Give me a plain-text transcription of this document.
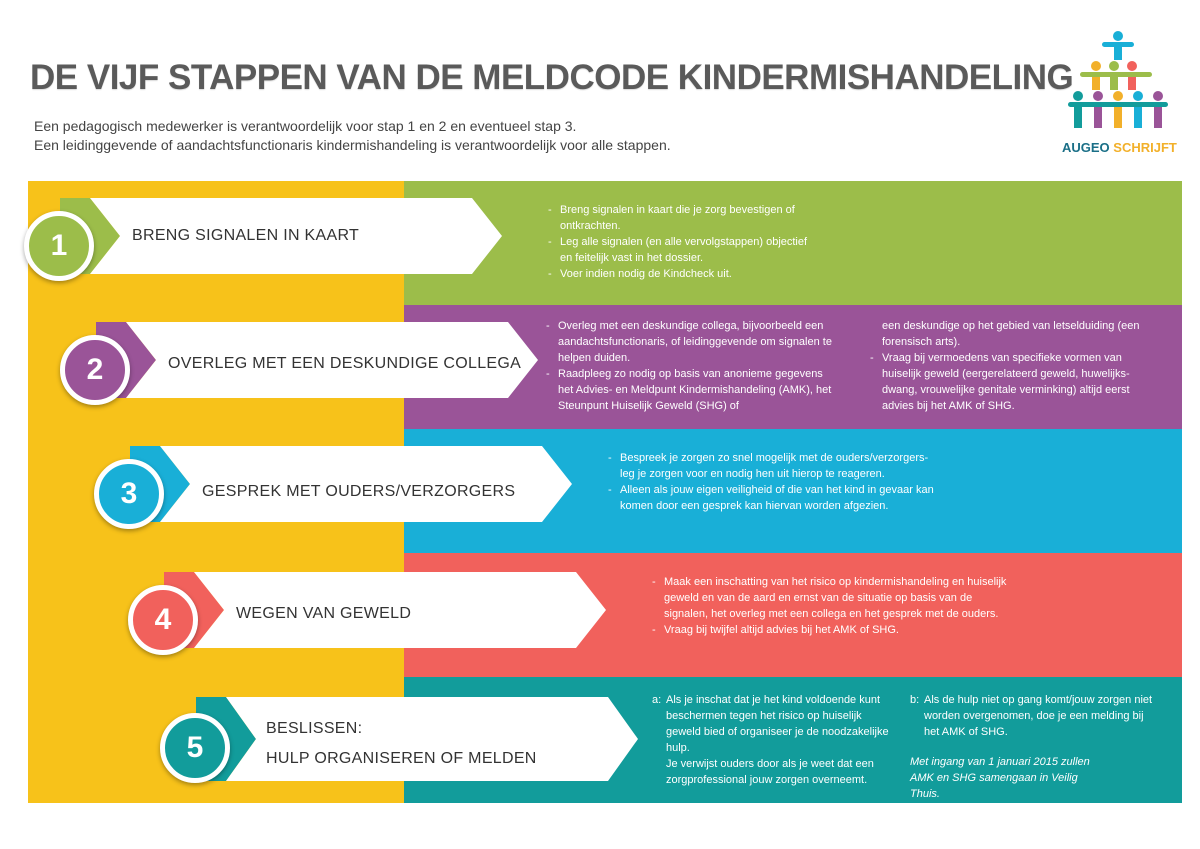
DE VIJF STAPPEN VAN DE MELDCODE KINDERMISHANDELING
Een pedagogisch medewerker is verantwoordelijk voor stap 1 en 2 en eventueel stap 3.
Een leidinggevende of aandachtsfunctionaris kindermishandeling is verantwoordelijk voor alle stappen.	AUGEO SCHRIJFT
BRENG SIGNALEN IN KAART
1
- Breng signalen in kaart die je zorg bevestigen of ontkrachten.
- Leg alle signalen (en alle vervolgstappen) objectief en feitelijk vast in het dossier.
- Voer indien nodig de Kindcheck uit.
OVERLEG MET EEN DESKUNDIGE COLLEGA
2
- Overleg met een deskundige collega, bijvoorbeeld een aandachtsfunctionaris, of leidinggevende om signalen te helpen duiden.
- Raadpleeg zo nodig op basis van anonieme gegevens het Advies- en Meldpunt Kindermishandeling (AMK), het Steunpunt Huiselijk Geweld (SHG) of
een deskundige op het gebied van letselduiding (een forensisch arts).
- Vraag bij vermoedens van specifieke vormen van huiselijk geweld (eergerelateerd geweld, huwelijks-dwang, vrouwelijke genitale verminking) altijd eerst advies bij het AMK of SHG.
GESPREK MET OUDERS/VERZORGERS
3
- Bespreek je zorgen zo snel mogelijk met de ouders/verzorgers- leg je zorgen voor en nodig hen uit hierop te reageren.
- Alleen als jouw eigen veiligheid of die van het kind in gevaar kan komen door een gesprek kan hiervan worden afgezien.
WEGEN VAN GEWELD
4
- Maak een inschatting van het risico op kindermishandeling en huiselijk geweld en van de aard en ernst van de situatie op basis van de signalen, het overleg met een collega en het gesprek met de ouders.
- Vraag bij twijfel altijd advies bij het AMK of SHG.
BESLISSEN:
HULP ORGANISEREN OF MELDEN
5
a: Als je inschat dat je het kind voldoende kunt beschermen tegen het risico op huiselijk geweld bied of organiseer je de noodzakelijke hulp.
Je verwijst ouders door als je weet dat een zorgprofessional jouw zorgen overneemt.
b: Als de hulp niet op gang komt/jouw zorgen niet worden overgenomen, doe je een melding bij het AMK of SHG.
Met ingang van 1 januari 2015 zullen AMK en SHG samengaan in Veilig Thuis.
